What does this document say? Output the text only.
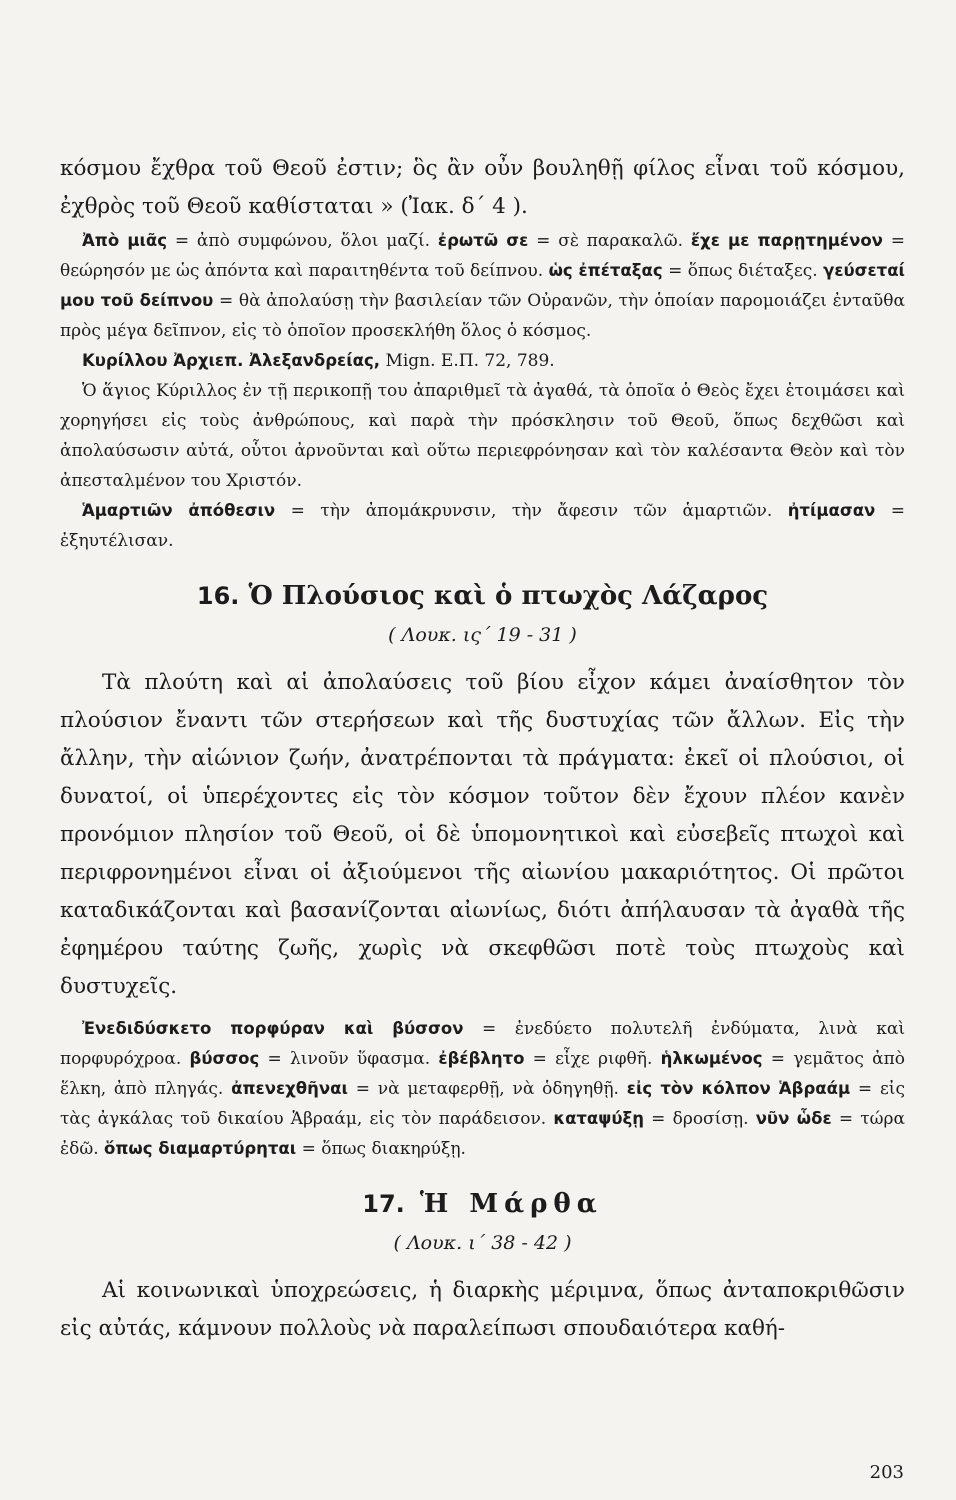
κόσμου ἔχθρα τοῦ Θεοῦ ἐστιν; ὃς ἂν οὖν βουληθῇ φίλος εἶναι τοῦ κόσμου, ἐχθρὸς τοῦ Θεοῦ καθίσταται » (Ἰακ. δ΄ 4 ).

Ἀπὸ μιᾶς = ἀπὸ συμφώνου, ὅλοι μαζί. ἐρωτῶ σε = σὲ παρακαλῶ. ἔχε με παρῃτημένον = θεώρησόν με ὡς ἀπόντα καὶ παραιτηθέντα τοῦ δείπνου. ὡς ἐπέταξας = ὅπως διέταξες. γεύσεταί μου τοῦ δείπνου = θὰ ἀπολαύσῃ τὴν βασιλείαν τῶν Οὐρανῶν, τὴν ὁποίαν παρομοιάζει ἐνταῦθα πρὸς μέγα δεῖπνον, εἰς τὸ ὁποῖον προσεκλήθη ὅλος ὁ κόσμος.

Κυρίλλου Ἀρχιεπ. Ἀλεξανδρείας, Mign. Ε.Π. 72, 789.

Ὁ ἅγιος Κύριλλος ἐν τῇ περικοπῇ του ἀπαριθμεῖ τὰ ἀγαθά, τὰ ὁποῖα ὁ Θεὸς ἔχει ἑτοιμάσει καὶ χορηγήσει εἰς τοὺς ἀνθρώπους, καὶ παρὰ τὴν πρόσκλησιν τοῦ Θεοῦ, ὅπως δεχθῶσι καὶ ἀπολαύσωσιν αὐτά, οὗτοι ἀρνοῦνται καὶ οὕτω περιεφρόνησαν καὶ τὸν καλέσαντα Θεὸν καὶ τὸν ἀπεσταλμένον του Χριστόν.

Ἁμαρτιῶν ἀπόθεσιν = τὴν ἀπομάκρυνσιν, τὴν ἄφεσιν τῶν ἁμαρτιῶν. ἠτίμασαν = ἐξηυτέλισαν.

16. Ὁ Πλούσιος καὶ ὁ πτωχὸς Λάζαρος
( Λουκ. ις΄ 19 - 31 )

Τὰ πλούτη καὶ αἱ ἀπολαύσεις τοῦ βίου εἶχον κάμει ἀναίσθητον τὸν πλούσιον ἔναντι τῶν στερήσεων καὶ τῆς δυστυχίας τῶν ἄλλων. Εἰς τὴν ἄλλην, τὴν αἰώνιον ζωήν, ἀνατρέπονται τὰ πράγματα: ἐκεῖ οἱ πλούσιοι, οἱ δυνατοί, οἱ ὑπερέχοντες εἰς τὸν κόσμον τοῦτον δὲν ἔχουν πλέον κανὲν προνόμιον πλησίον τοῦ Θεοῦ, οἱ δὲ ὑπομονητικοὶ καὶ εὐσεβεῖς πτωχοὶ καὶ περιφρονημένοι εἶναι οἱ ἀξιούμενοι τῆς αἰωνίου μακαριότητος. Οἱ πρῶτοι καταδικάζονται καὶ βασανίζονται αἰωνίως, διότι ἀπήλαυσαν τὰ ἀγαθὰ τῆς ἐφημέρου ταύτης ζωῆς, χωρὶς νὰ σκεφθῶσι ποτὲ τοὺς πτωχοὺς καὶ δυστυχεῖς.

Ἐνεδιδύσκετο πορφύραν καὶ βύσσον = ἐνεδύετο πολυτελῆ ἐνδύματα, λινὰ καὶ πορφυρόχροα. βύσσος = λινοῦν ὕφασμα. ἐβέβλητο = εἶχε ριφθῆ. ἡλκωμένος = γεμᾶτος ἀπὸ ἕλκη, ἀπὸ πληγάς. ἀπενεχθῆναι = νὰ μεταφερθῇ, νὰ ὁδηγηθῇ. εἰς τὸν κόλπον Ἁβραάμ = εἰς τὰς ἀγκάλας τοῦ δικαίου Ἁβραάμ, εἰς τὸν παράδεισον. καταψύξῃ = δροσίσῃ. νῦν ὧδε = τώρα ἐδῶ. ὅπως διαμαρτύρηται = ὅπως διακηρύξῃ.

17. Ἡ Μάρθα
( Λουκ. ι΄ 38 - 42 )

Αἱ κοινωνικαὶ ὑποχρεώσεις, ἡ διαρκὴς μέριμνα, ὅπως ἀνταποκριθῶσιν εἰς αὐτάς, κάμνουν πολλοὺς νὰ παραλείπωσι σπουδαιότερα καθή-

203
